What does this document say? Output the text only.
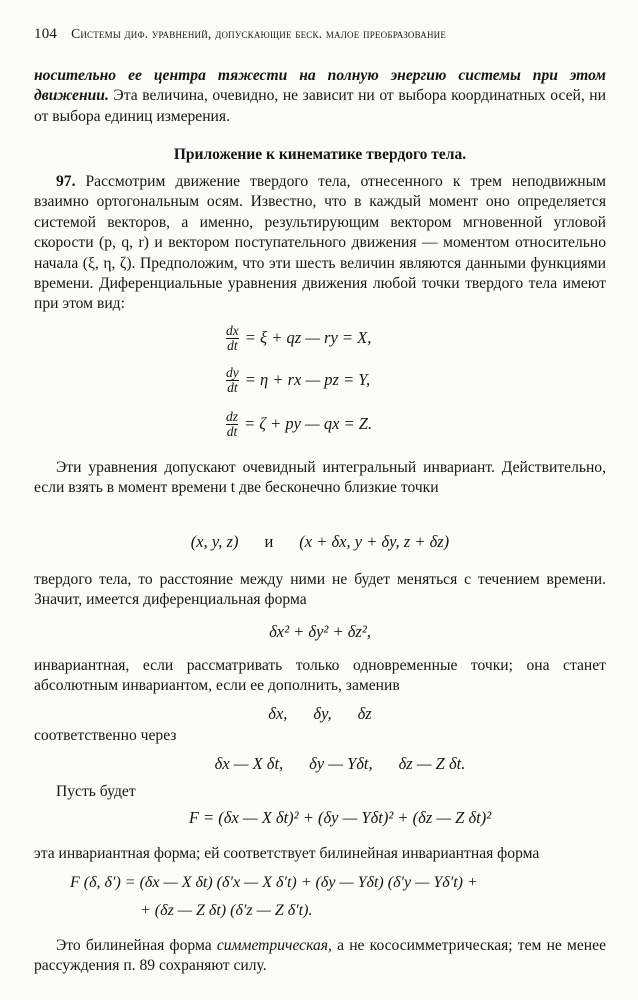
104 Системы диф. уравнений, допускающие беск. малое преобразование

носительно ее центра тяжести на полную энергию системы при этом движении. Эта величина, очевидно, не зависит ни от выбора координатных осей, ни от выбора единиц измерения.

Приложение к кинематике твердого тела.

97. Рассмотрим движение твердого тела, отнесенного к трем неподвижным взаимно ортогональным осям. Известно, что в каждый момент оно определяется системой векторов, а именно, результирующим вектором мгновенной угловой скорости (p, q, r) и вектором поступательного движения — моментом относительно начала (ξ, η, ζ). Предположим, что эти шесть величин являются данными функциями времени. Диференциальные уравнения движения любой точки твердого тела имеют при этом вид:

$\frac{dx}{dt} = \xi$ + qz — ry = X,
$\frac{dy}{dt} = \eta$ + rx — pz = Y,
$\frac{dz}{dt} = \zeta$ + py — qx = Z.

Эти уравнения допускают очевидный интегральный инвариант. Действительно, если взять в момент времени t две бесконечно близкие точки

(x, y, z) и (x + δx, y + δy, z + δz)

твердого тела, то расстояние между ними не будет меняться с течением времени. Значит, имеется диференциальная форма

δx² + δy² + δz²,

инвариантная, если рассматривать только одновременные точки; она станет абсолютным инвариантом, если ее дополнить, заменив

δx, δy, δz

соответственно через

δx — X δt, δy — Yδt, δz — Z δt.

Пусть будет

F = (δx — X δt)² + (δy — Yδt)² + (δz — Z δt)²

эта инвариантная форма; ей соответствует билинейная инвариантная форма

F (δ, δ′) = (δx — X δt) (δ′x — X δ′t) + (δy — Yδt) (δ′y — Yδ′t) +
+ (δz — Z δt) (δ′z — Z δ′t).

Это билинейная форма симметрическая, а не кососимметрическая; тем не менее рассуждения п. 89 сохраняют силу.
